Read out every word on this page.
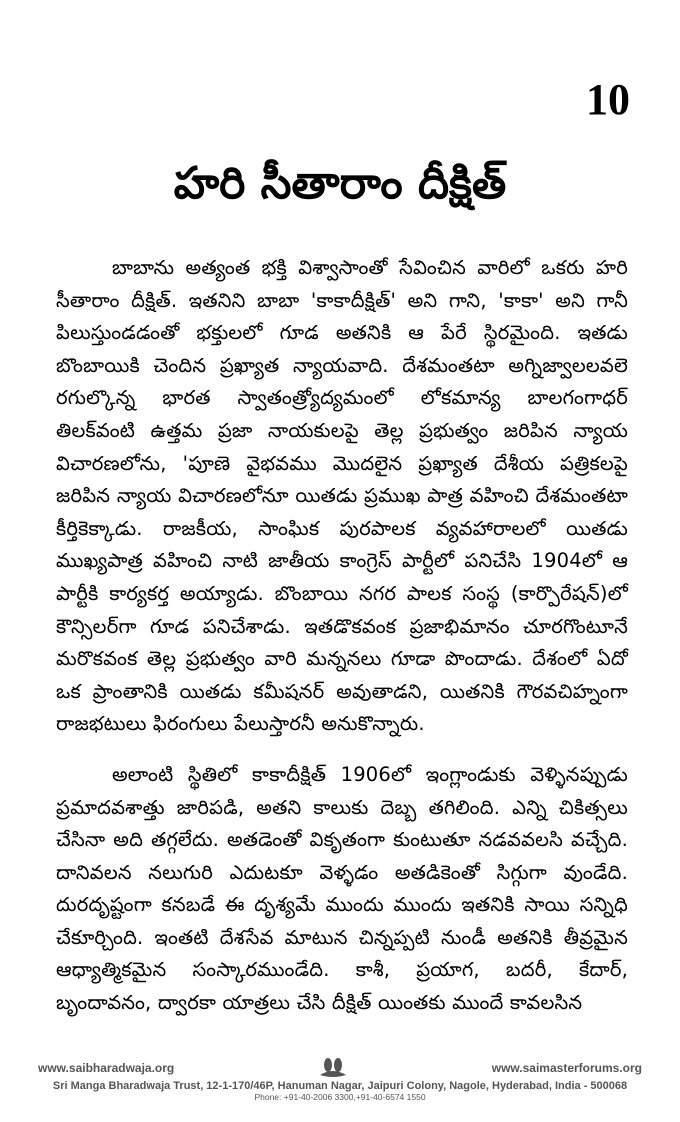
10
హరి సీతారాం దీక్షిత్

బాబాను అత్యంత భక్తి విశ్వాసాంతో సేవించిన వారిలో ఒకరు హరి సీతారాం దీక్షిత్. ఇతనిని బాబా 'కాకాదీక్షిత్' అని గాని, 'కాకా' అని గానీ పిలుస్తుండడంతో భక్తులలో గూడ అతనికి ఆ పేరే స్థిరమైంది. ఇతడు బొంబాయికి చెందిన ప్రఖ్యాత న్యాయవాది. దేశమంతటా అగ్నిజ్వాలలవలె రగుల్కొన్న భారత స్వాతంత్ర్యోద్యమంలో లోకమాన్య బాలగంగాధర్ తిలక్‌వంటి ఉత్తమ ప్రజా నాయకులపై తెల్ల ప్రభుత్వం జరిపిన న్యాయ విచారణలోను, 'పూణె వైభవము మొదలైన ప్రఖ్యాత దేశీయ పత్రికలపై జరిపిన న్యాయ విచారణలోనూ యితడు ప్రముఖ పాత్ర వహించి దేశమంతటా కీర్తికెక్కాడు. రాజకీయ, సాంఘిక పురపాలక వ్యవహారాలలో యితడు ముఖ్యపాత్ర వహించి నాటి జాతీయ కాంగ్రెస్ పార్టీలో పనిచేసి 1904లో ఆ పార్టీకి కార్యకర్త అయ్యాడు. బొంబాయి నగర పాలక సంస్థ (కార్పొరేషన్)లో కౌన్సిలర్‌గా గూడ పనిచేశాడు. ఇతడొకవంక ప్రజాభిమానం చూరగొంటూనే మరొకవంక తెల్ల ప్రభుత్వం వారి మన్ననలు గూడా పొందాడు. దేశంలో ఏదో ఒక ప్రాంతానికి యితడు కమీషనర్ అవుతాడని, యితనికి గౌరవచిహ్నంగా రాజభటులు ఫిరంగులు పేలుస్తారనీ అనుకొన్నారు.

అలాంటి స్థితిలో కాకాదీక్షిత్ 1906లో ఇంగ్లాండుకు వెళ్ళినప్పుడు ప్రమాదవశాత్తు జారిపడి, అతని కాలుకు దెబ్బ తగిలింది. ఎన్ని చికిత్సలు చేసినా అది తగ్గలేదు. అతడెంతో వికృతంగా కుంటుతూ నడవవలసి వచ్చేది. దానివలన నలుగురి ఎదుటకూ వెళ్ళడం అతడికెంతో సిగ్గుగా వుండేది. దురదృష్టంగా కనబడే ఈ దృశ్యమే ముందు ముందు ఇతనికి సాయి సన్నిధి చేకూర్చింది. ఇంతటి దేశసేవ మాటున చిన్నప్పటి నుండీ అతనికి తీవ్రమైన ఆధ్యాత్మికమైన సంస్కారముండేది. కాశీ, ప్రయాగ, బదరీ, కేదార్, బృందావనం, ద్వారకా యాత్రలు చేసి దీక్షిత్ యింతకు ముందే కావలసిన

www.saibharadwaja.org	www.saimasterforums.org
Sri Manga Bharadwaja Trust, 12-1-170/46P, Hanuman Nagar, Jaipuri Colony, Nagole, Hyderabad, India - 500068
Phone: +91-40-2006 3300,+91-40-6574 1550
